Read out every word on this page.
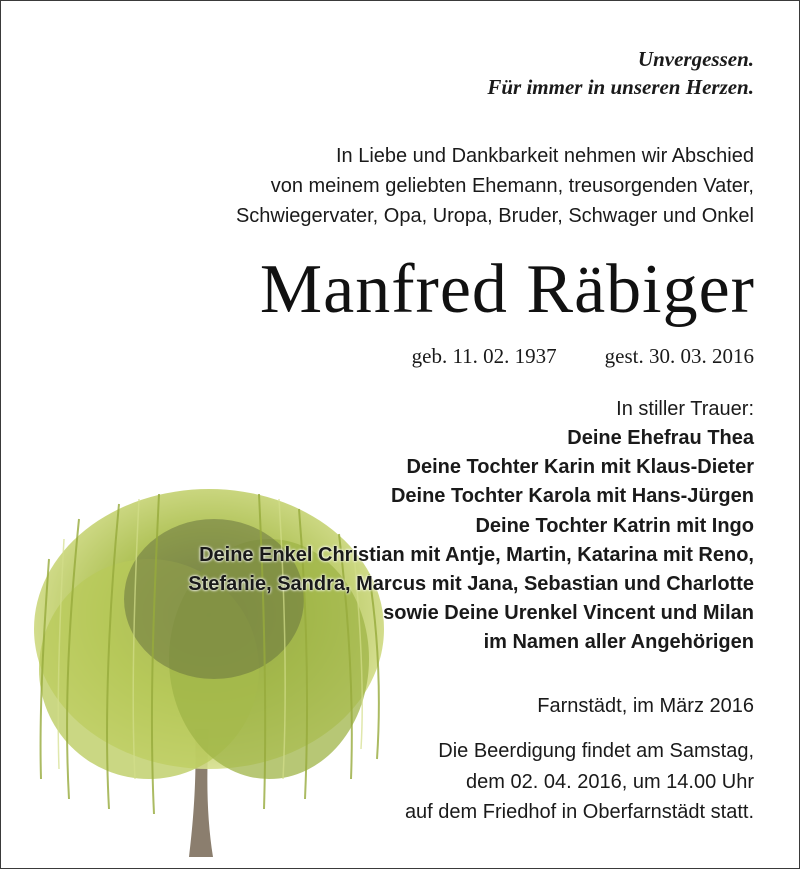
Unvergessen.
Für immer in unseren Herzen.
In Liebe und Dankbarkeit nehmen wir Abschied
von meinem geliebten Ehemann, treusorgenden Vater,
Schwiegervater, Opa, Uropa, Bruder, Schwager und Onkel
Manfred Räbiger
geb. 11. 02. 1937 gest. 30. 03. 2016
In stiller Trauer:
Deine Ehefrau Thea
Deine Tochter Karin mit Klaus-Dieter
Deine Tochter Karola mit Hans-Jürgen
Deine Tochter Katrin mit Ingo
Deine Enkel Christian mit Antje, Martin, Katarina mit Reno,
Stefanie, Sandra, Marcus mit Jana, Sebastian und Charlotte
sowie Deine Urenkel Vincent und Milan
im Namen aller Angehörigen
Farnstädt, im März 2016
Die Beerdigung findet am Samstag,
dem 02. 04. 2016, um 14.00 Uhr
auf dem Friedhof in Oberfarnstädt statt.
